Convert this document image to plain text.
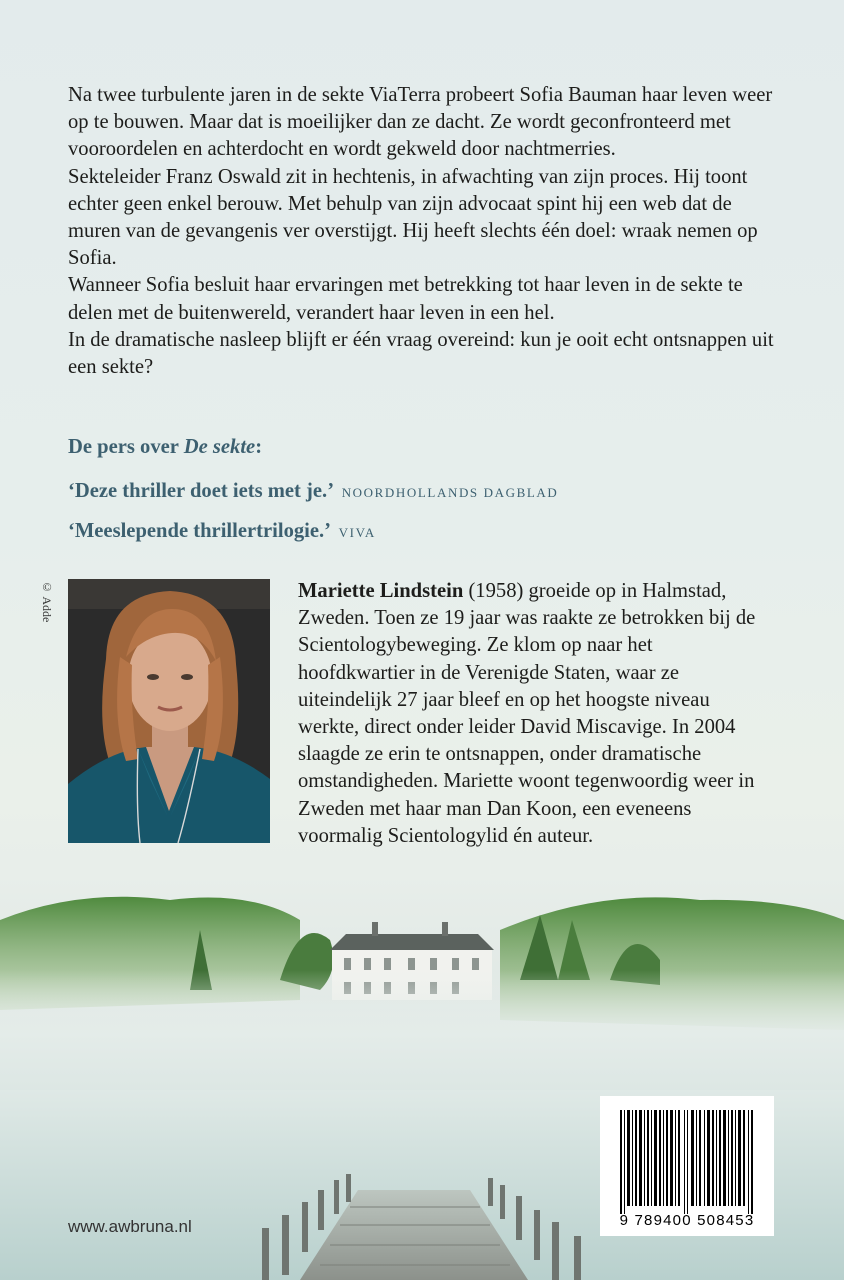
Na twee turbulente jaren in de sekte ViaTerra probeert Sofia Bauman haar leven weer op te bouwen. Maar dat is moeilijker dan ze dacht. Ze wordt geconfronteerd met vooroordelen en achterdocht en wordt gekweld door nachtmerries.

Sekteleider Franz Oswald zit in hechtenis, in afwachting van zijn proces. Hij toont echter geen enkel berouw. Met behulp van zijn advocaat spint hij een web dat de muren van de gevangenis ver overstijgt. Hij heeft slechts één doel: wraak nemen op Sofia.

Wanneer Sofia besluit haar ervaringen met betrekking tot haar leven in de sekte te delen met de buitenwereld, verandert haar leven in een hel.

In de dramatische nasleep blijft er één vraag overeind: kun je ooit echt ontsnappen uit een sekte?

De pers over De sekte:
‘Deze thriller doet iets met je.’ NOORDHOLLANDS DAGBLAD
‘Meeslepende thrillertrilogie.’ VIVA
© Adde	Mariette Lindstein (1958) groeide op in Halmstad, Zweden. Toen ze 19 jaar was raakte ze betrokken bij de Scientologybeweging. Ze klom op naar het hoofdkwartier in de Verenigde Staten, waar ze uiteindelijk 27 jaar bleef en op het hoogste niveau werkte, direct onder leider David Miscavige. In 2004 slaagde ze erin te ontsnappen, onder dramatische omstandigheden. Mariette woont tegenwoordig weer in Zweden met haar man Dan Koon, een eveneens voormalig Scientologylid én auteur.

9 789400 508453
www.awbruna.nl
